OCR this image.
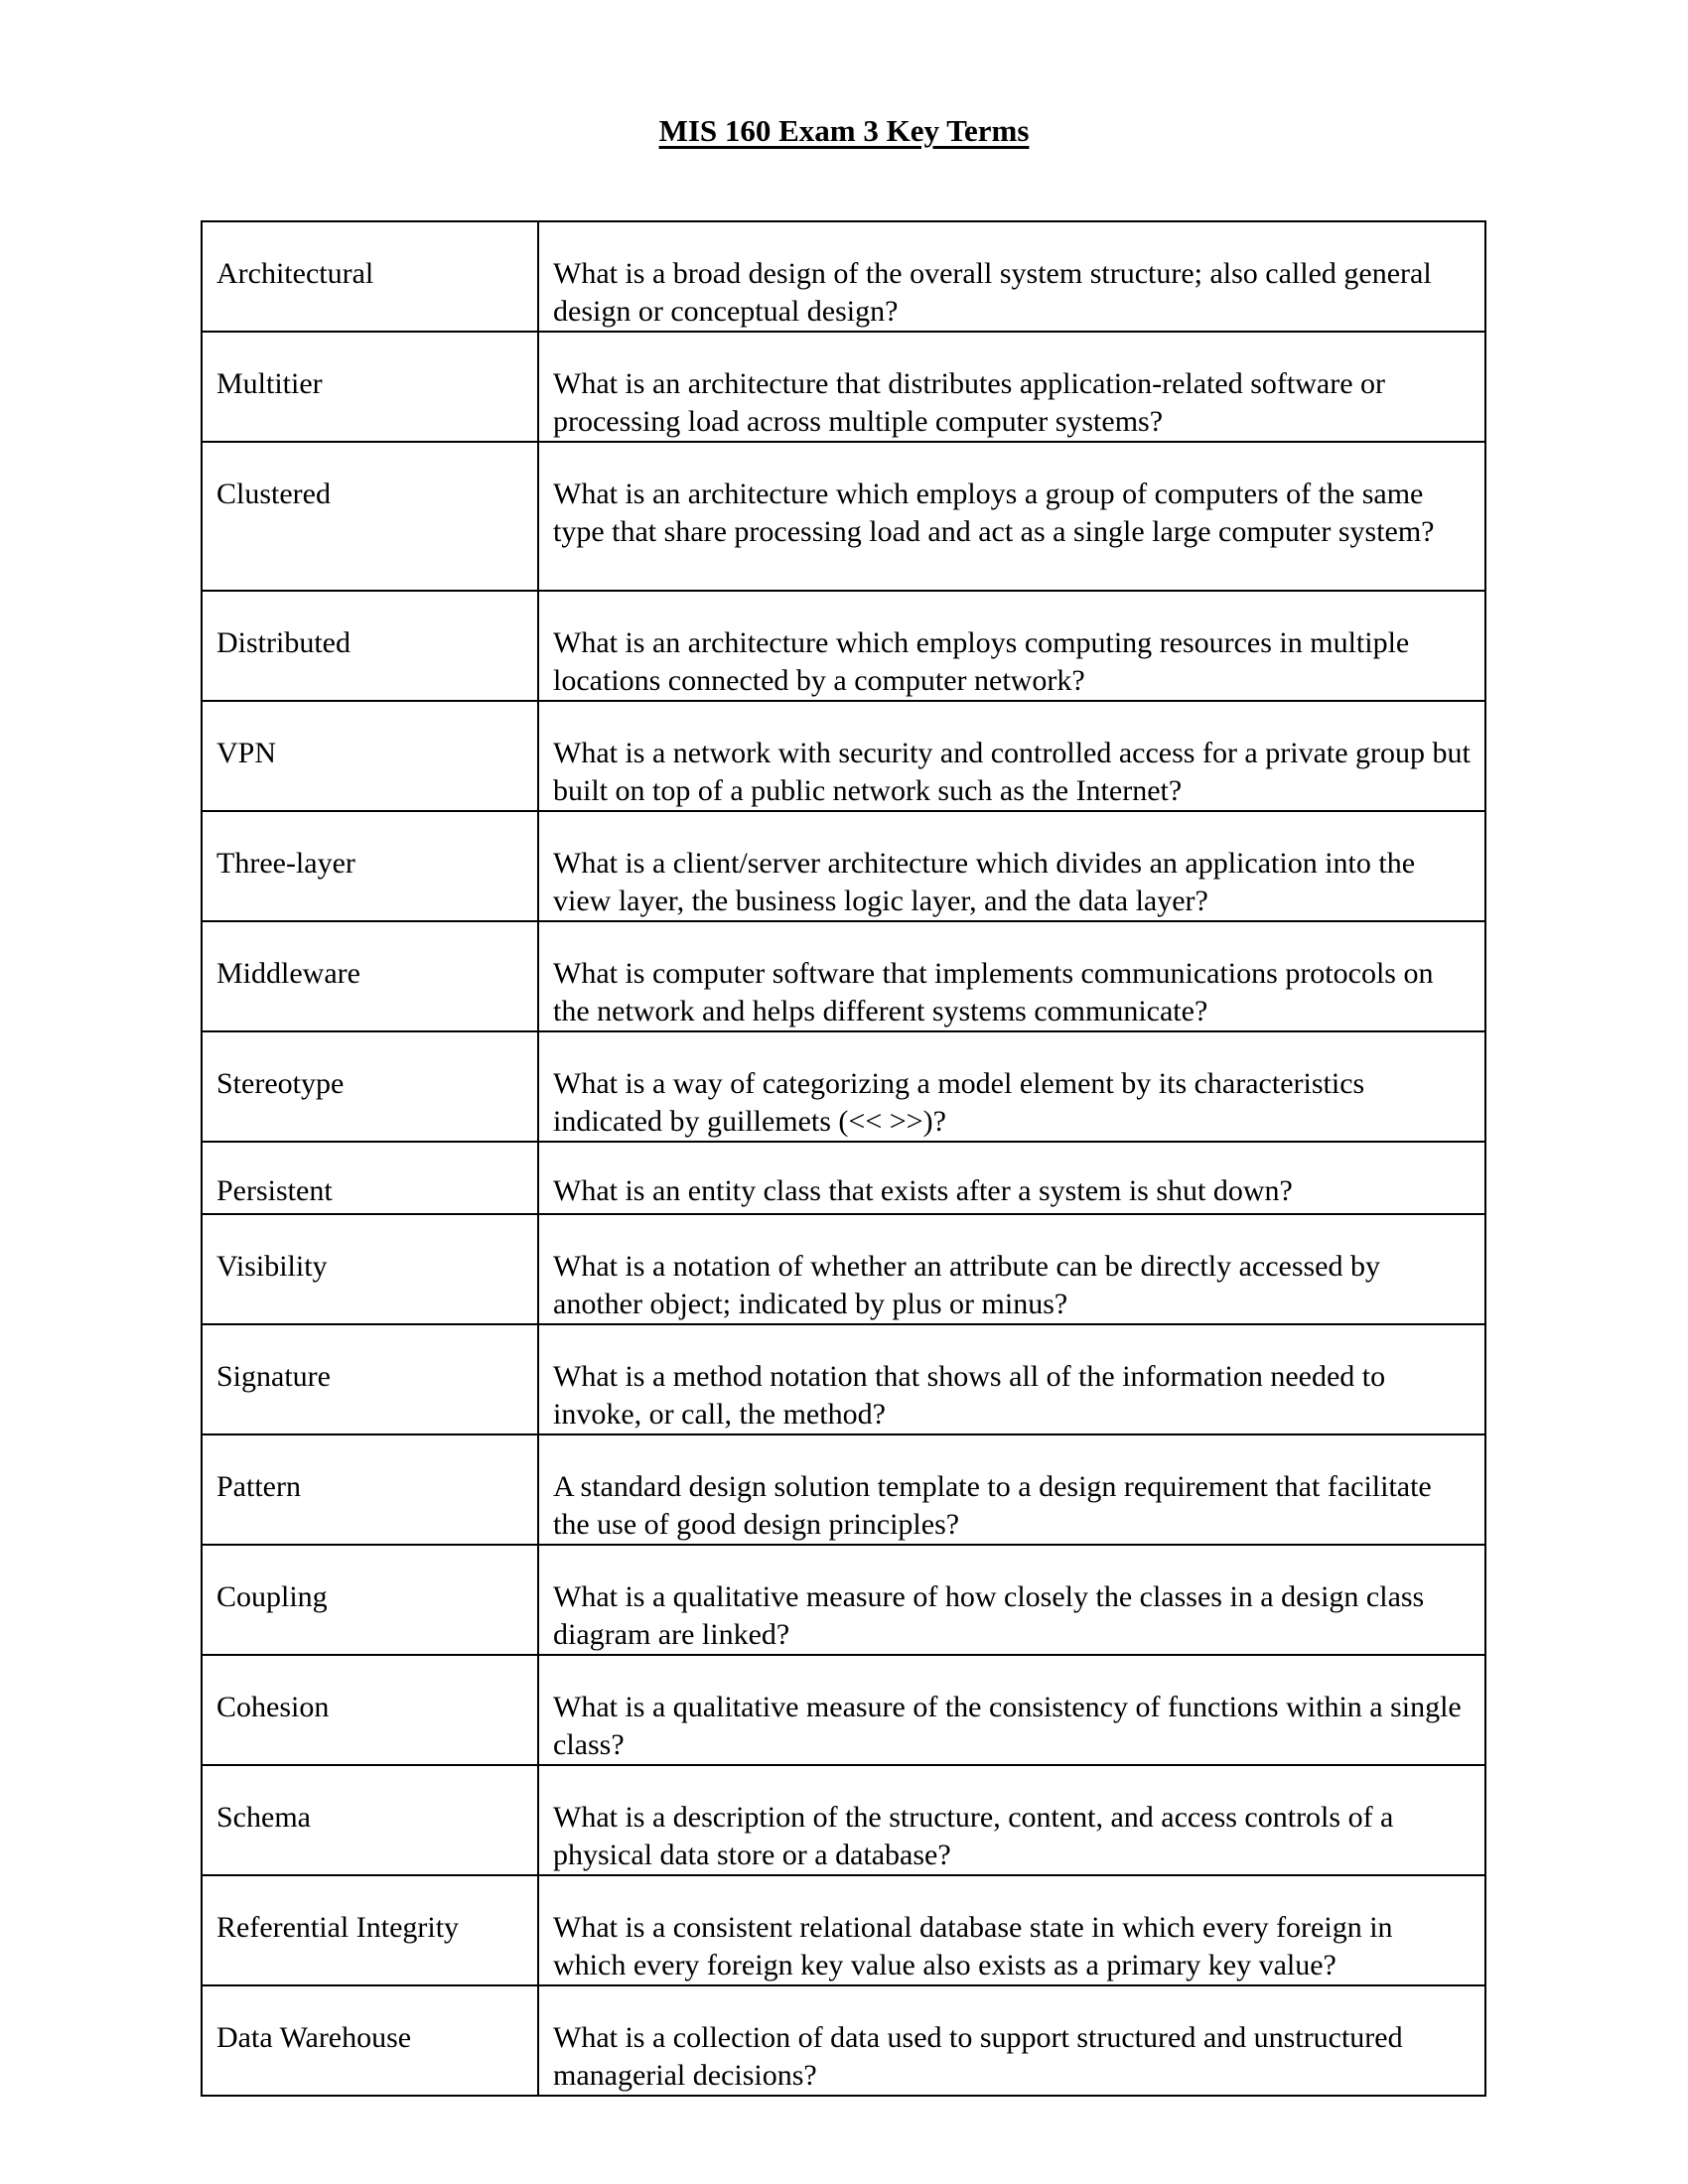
MIS 160 Exam 3 Key Terms
Architectural	What is a broad design of the overall system structure; also called general design or conceptual design?
Multitier	What is an architecture that distributes application-related software or processing load across multiple computer systems?
Clustered	What is an architecture which employs a group of computers of the same type that share processing load and act as a single large computer system?
Distributed	What is an architecture which employs computing resources in multiple locations connected by a computer network?
VPN	What is a network with security and controlled access for a private group but built on top of a public network such as the Internet?
Three-layer	What is a client/server architecture which divides an application into the view layer, the business logic layer, and the data layer?
Middleware	What is computer software that implements communications protocols on the network and helps different systems communicate?
Stereotype	What is a way of categorizing a model element by its characteristics indicated by guillemets (<< >>)?
Persistent	What is an entity class that exists after a system is shut down?
Visibility	What is a notation of whether an attribute can be directly accessed by another object; indicated by plus or minus?
Signature	What is a method notation that shows all of the information needed to invoke, or call, the method?
Pattern	A standard design solution template to a design requirement that facilitate the use of good design principles?
Coupling	What is a qualitative measure of how closely the classes in a design class diagram are linked?
Cohesion	What is a qualitative measure of the consistency of functions within a single class?
Schema	What is a description of the structure, content, and access controls of a physical data store or a database?
Referential Integrity	What is a consistent relational database state in which every foreign in which every foreign key value also exists as a primary key value?
Data Warehouse	What is a collection of data used to support structured and unstructured managerial decisions?
